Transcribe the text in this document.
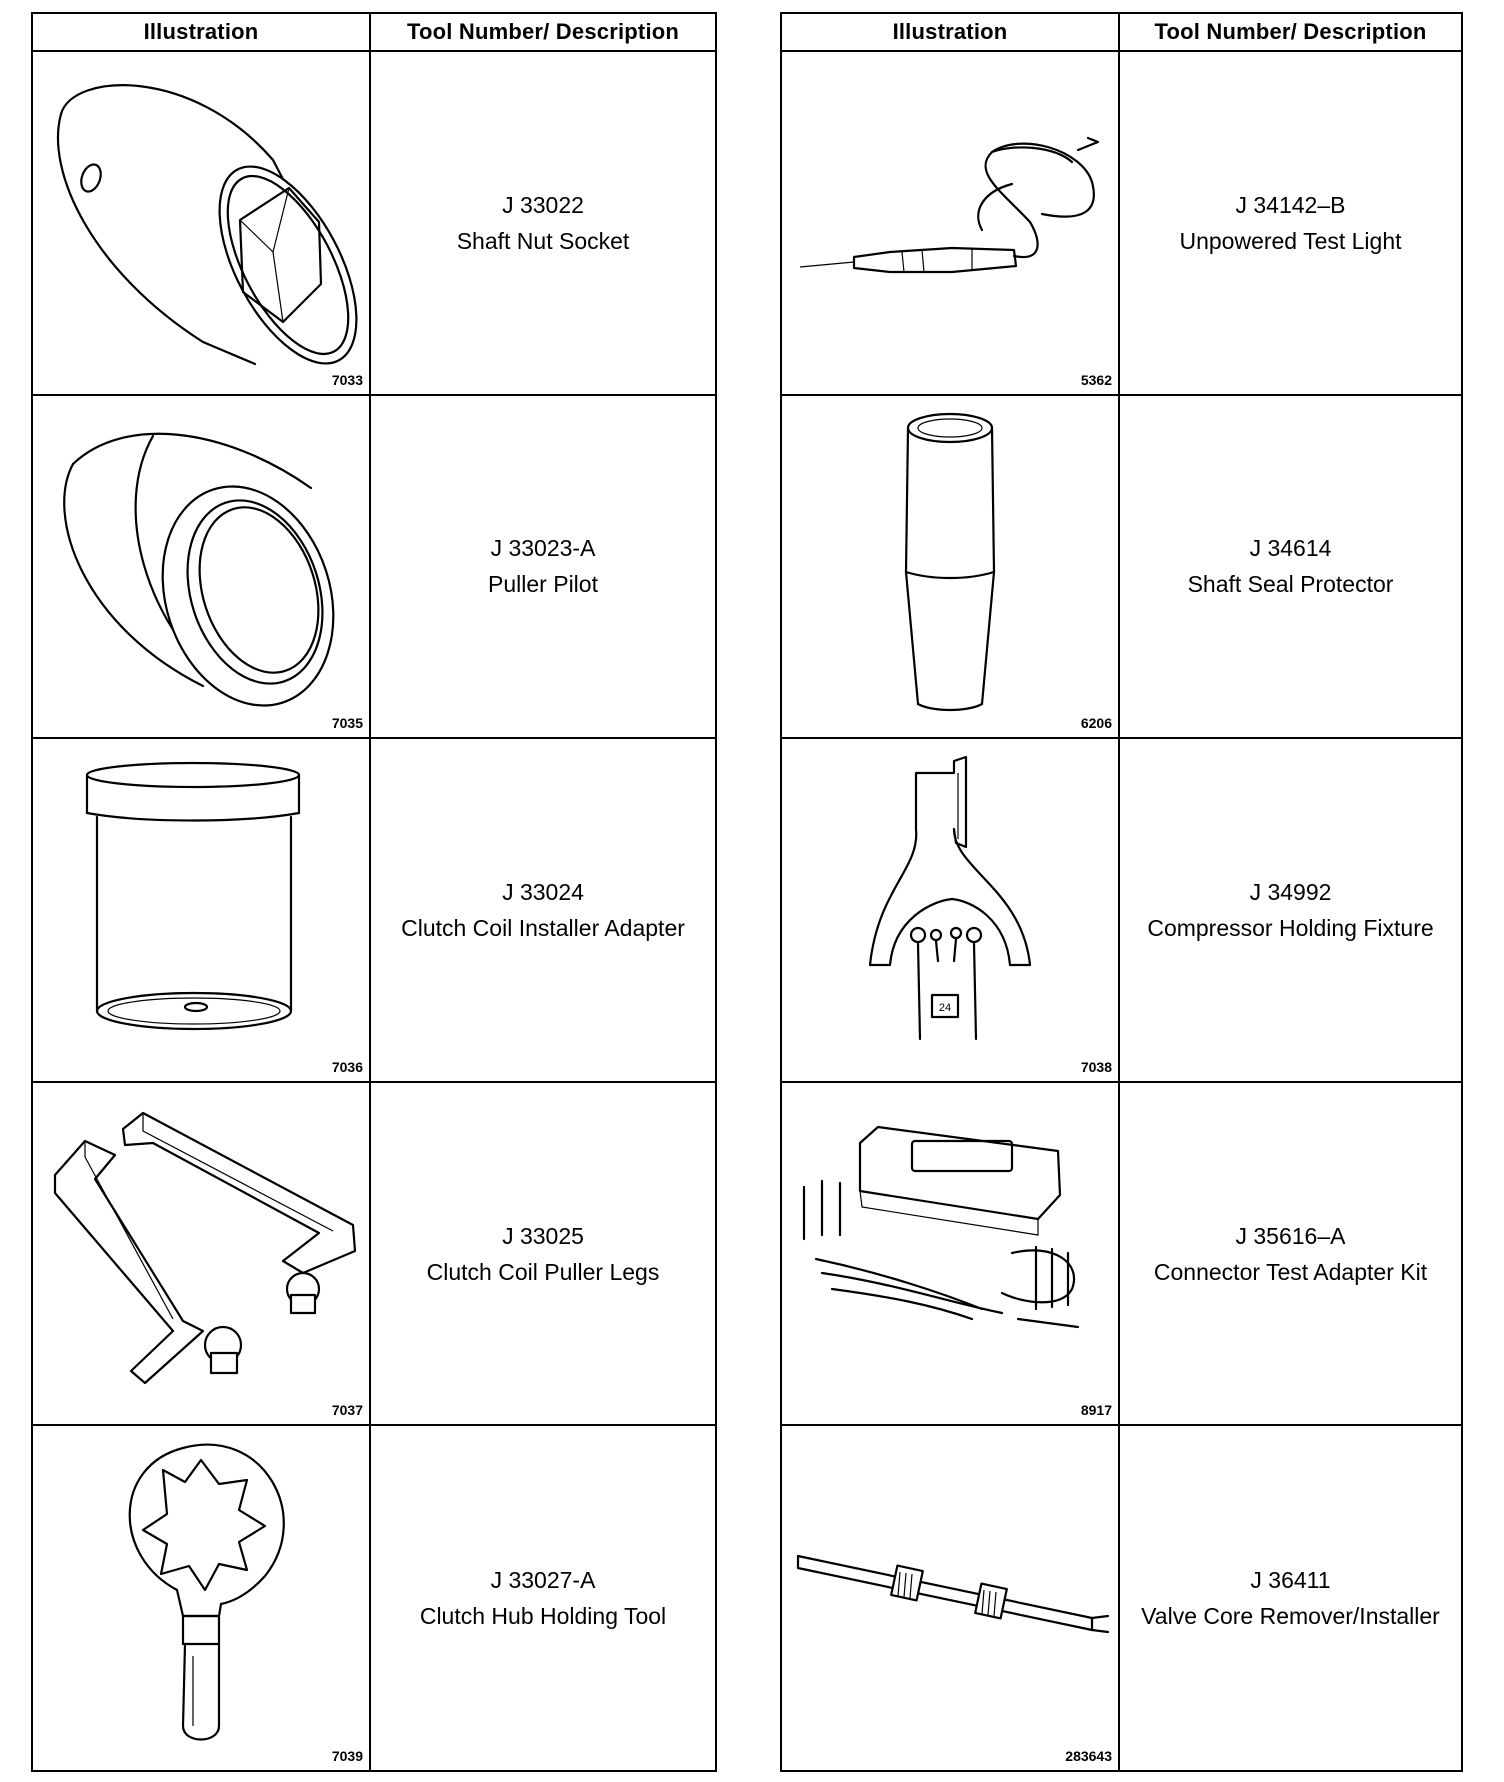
Illustration	Tool Number/ Description
7033
J 33022
Shaft Nut Socket
7035
J 33023-A
Puller Pilot
7036
J 33024
Clutch Coil Installer Adapter
7037
J 33025
Clutch Coil Puller Legs
7039
J 33027-A
Clutch Hub Holding Tool
Illustration	Tool Number/ Description
5362
J 34142–B
Unpowered Test Light
6206
J 34614
Shaft Seal Protector
24
7038
J 34992
Compressor Holding Fixture
8917
J 35616–A
Connector Test Adapter Kit
283643
J 36411
Valve Core Remover/Installer
